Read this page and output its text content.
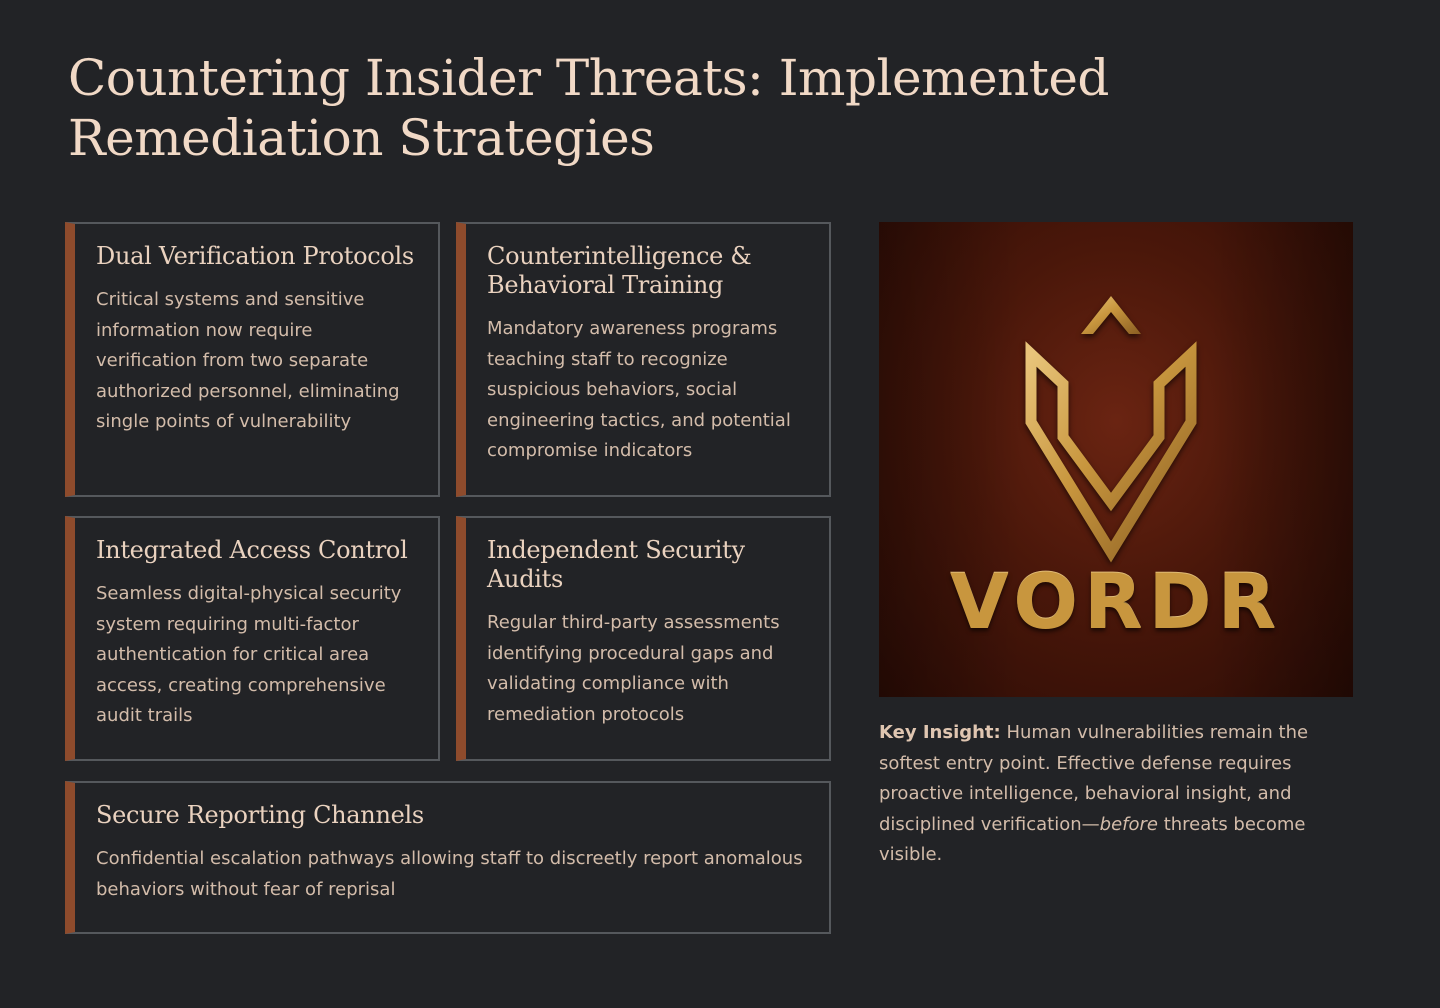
Countering Insider Threats: Implemented Remediation Strategies
Dual Verification Protocols

Critical systems and sensitive information now require verification from two separate authorized personnel, eliminating single points of vulnerability

Counterintelligence & Behavioral Training

Mandatory awareness programs teaching staff to recognize suspicious behaviors, social engineering tactics, and potential compromise indicators

Integrated Access Control

Seamless digital-physical security system requiring multi-factor authentication for critical area access, creating comprehensive audit trails

Independent Security Audits

Regular third-party assessments identifying procedural gaps and validating compliance with remediation protocols

Secure Reporting Channels

Confidential escalation pathways allowing staff to discreetly report anomalous behaviors without fear of reprisal

VORDR

Key Insight: Human vulnerabilities remain the softest entry point. Effective defense requires proactive intelligence, behavioral insight, and disciplined verification—before threats become visible.
